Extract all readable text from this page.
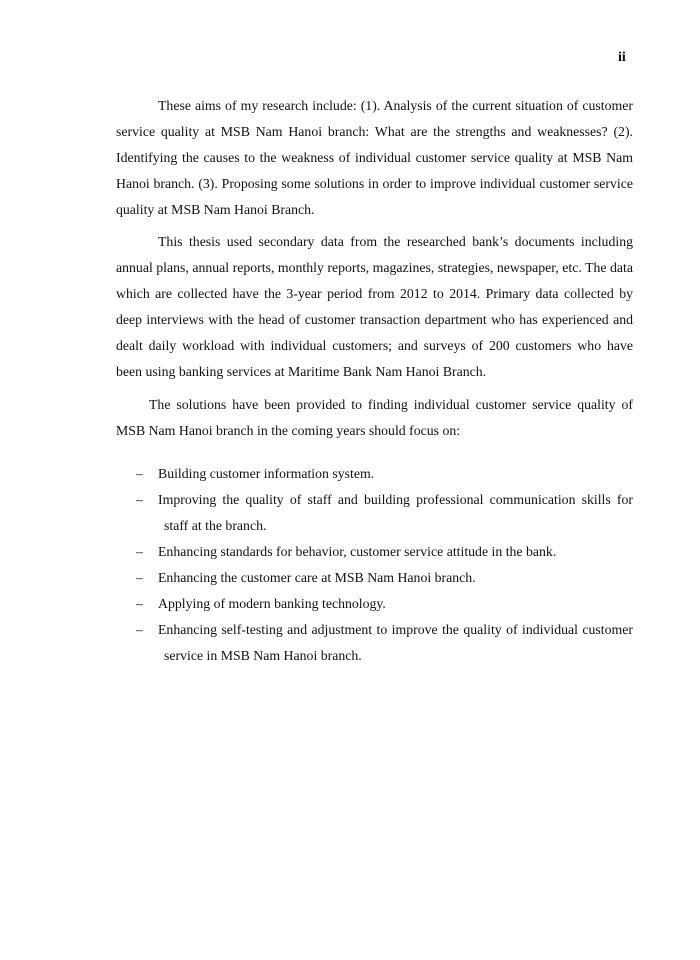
ii

These aims of my research include: (1). Analysis of the current situation of customer service quality at MSB Nam Hanoi branch: What are the strengths and weaknesses? (2). Identifying the causes to the weakness of individual customer service quality at MSB Nam Hanoi branch. (3). Proposing some solutions in order to improve individual customer service quality at MSB Nam Hanoi Branch.

This thesis used secondary data from the researched bank’s documents including annual plans, annual reports, monthly reports, magazines, strategies, newspaper, etc. The data which are collected have the 3-year period from 2012 to 2014. Primary data collected by deep interviews with the head of customer transaction department who has experienced and dealt daily workload with individual customers; and surveys of 200 customers who have been using banking services at Maritime Bank Nam Hanoi Branch.

The solutions have been provided to finding individual customer service quality of MSB Nam Hanoi branch in the coming years should focus on:

– Building customer information system.
– Improving the quality of staff and building professional communication skills for staff at the branch.
– Enhancing standards for behavior, customer service attitude in the bank.
– Enhancing the customer care at MSB Nam Hanoi branch.
– Applying of modern banking technology.
– Enhancing self-testing and adjustment to improve the quality of individual customer service in MSB Nam Hanoi branch.
